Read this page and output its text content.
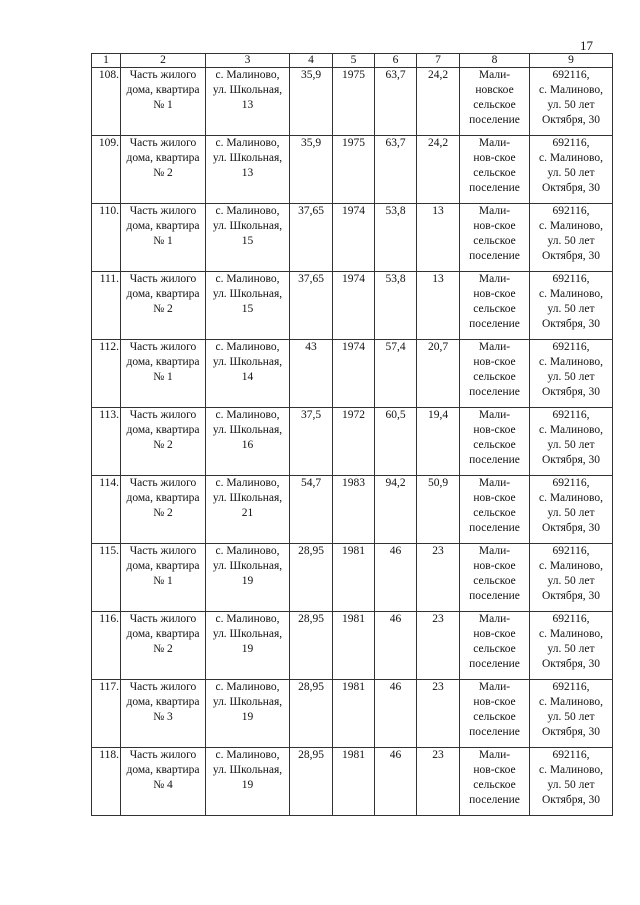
17
1	2	3	4	5	6	7	8	9
108.	Часть жилого
дома, квартира
№ 1	с. Малиново,
ул. Школьная,
13	35,9	1975	63,7	24,2	Мали-
новское
сельское
поселение	692116,
с. Малиново,
ул. 50 лет
Октября, 30

109.	Часть жилого
дома, квартира
№ 2	с. Малиново,
ул. Школьная,
13	35,9	1975	63,7	24,2	Мали-
нов-ское
сельское
поселение	692116,
с. Малиново,
ул. 50 лет
Октября, 30

110.	Часть жилого
дома, квартира
№ 1	с. Малиново,
ул. Школьная,
15	37,65	1974	53,8	13	Мали-
нов-ское
сельское
поселение	692116,
с. Малиново,
ул. 50 лет
Октября, 30

111.	Часть жилого
дома, квартира
№ 2	с. Малиново,
ул. Школьная,
15	37,65	1974	53,8	13	Мали-
нов-ское
сельское
поселение	692116,
с. Малиново,
ул. 50 лет
Октября, 30

112.	Часть жилого
дома, квартира
№ 1	с. Малиново,
ул. Школьная,
14	43	1974	57,4	20,7	Мали-
нов-ское
сельское
поселение	692116,
с. Малиново,
ул. 50 лет
Октября, 30

113.	Часть жилого
дома, квартира
№ 2	с. Малиново,
ул. Школьная,
16	37,5	1972	60,5	19,4	Мали-
нов-ское
сельское
поселение	692116,
с. Малиново,
ул. 50 лет
Октября, 30

114.	Часть жилого
дома, квартира
№ 2	с. Малиново,
ул. Школьная,
21	54,7	1983	94,2	50,9	Мали-
нов-ское
сельское
поселение	692116,
с. Малиново,
ул. 50 лет
Октября, 30

115.	Часть жилого
дома, квартира
№ 1	с. Малиново,
ул. Школьная,
19	28,95	1981	46	23	Мали-
нов-ское
сельское
поселение	692116,
с. Малиново,
ул. 50 лет
Октября, 30

116.	Часть жилого
дома, квартира
№ 2	с. Малиново,
ул. Школьная,
19	28,95	1981	46	23	Мали-
нов-ское
сельское
поселение	692116,
с. Малиново,
ул. 50 лет
Октября, 30

117.	Часть жилого
дома, квартира
№ 3	с. Малиново,
ул. Школьная,
19	28,95	1981	46	23	Мали-
нов-ское
сельское
поселение	692116,
с. Малиново,
ул. 50 лет
Октября, 30

118.	Часть жилого
дома, квартира
№ 4	с. Малиново,
ул. Школьная,
19	28,95	1981	46	23	Мали-
нов-ское
сельское
поселение	692116,
с. Малиново,
ул. 50 лет
Октября, 30
